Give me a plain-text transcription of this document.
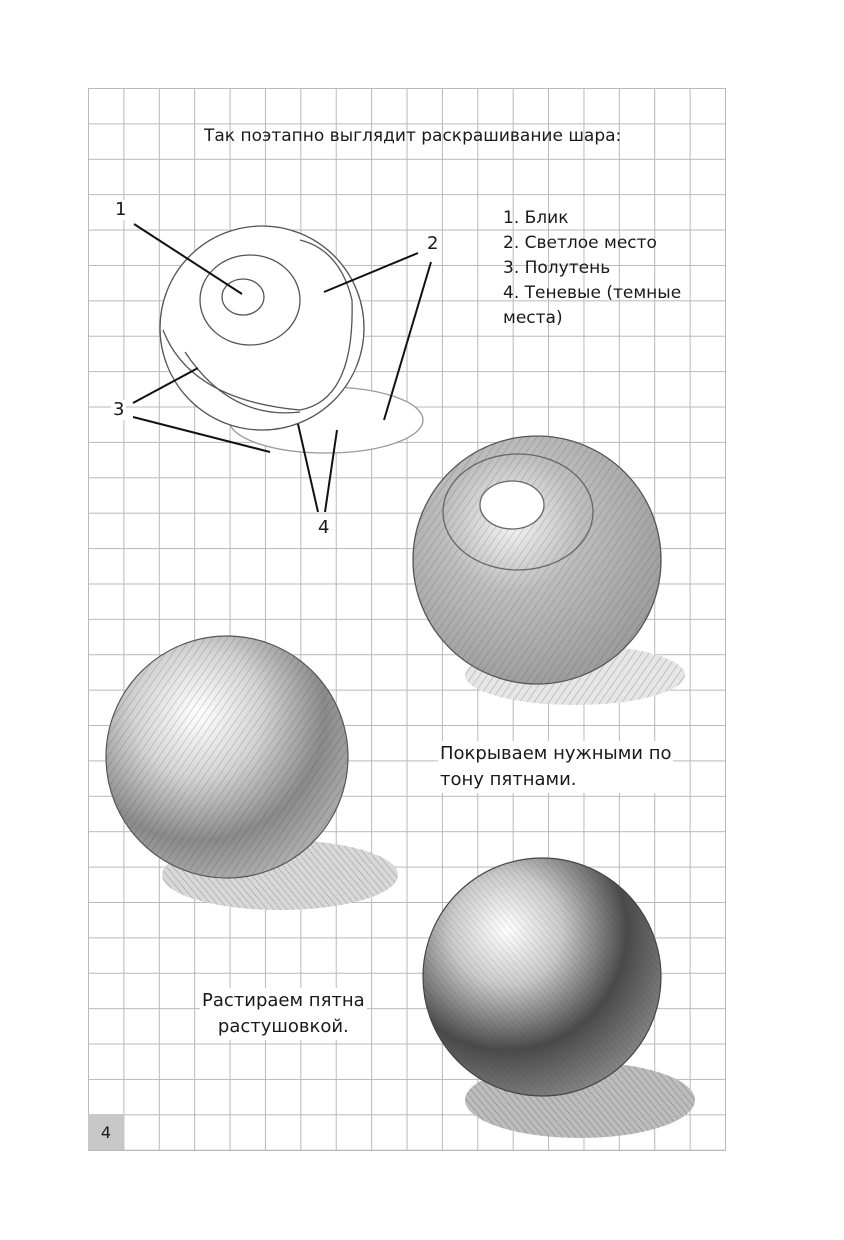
Так поэтапно выглядит раскрашивание шара:
1. Блик
2. Светлое место
3. Полутень
4. Теневые (темные
места)
1
2
3
4
Покрываем нужными по
тону пятнами.
Растираем пятна
растушовкой.
4
